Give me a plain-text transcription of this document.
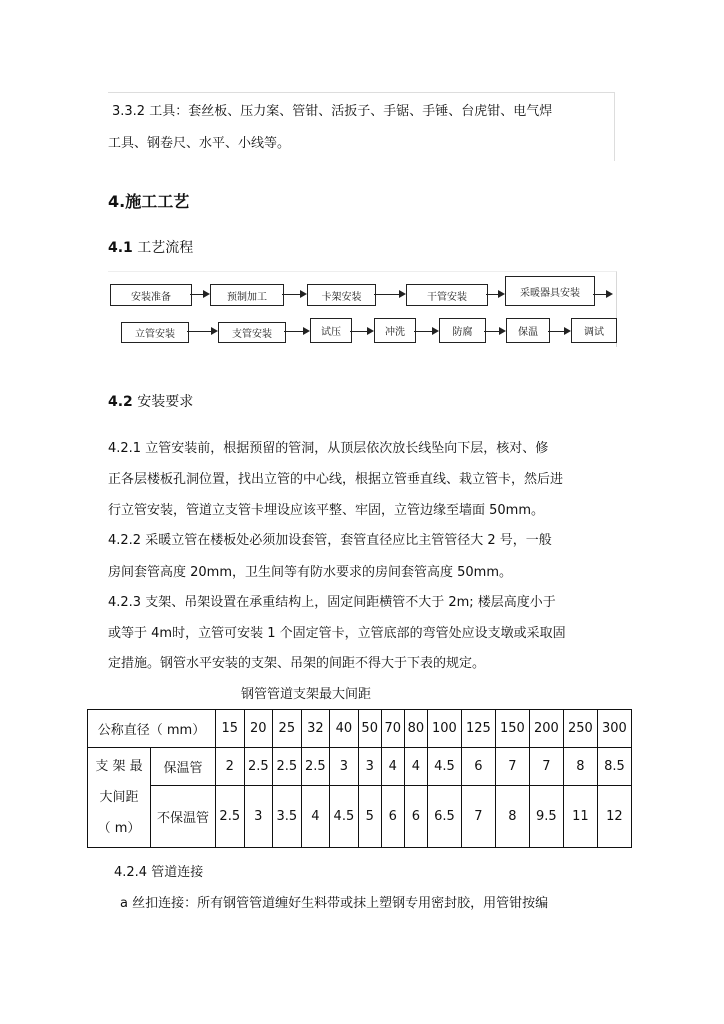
3.3.2 工具：套丝板、压力案、管钳、活扳子、手锯、手锤、台虎钳、电气焊
工具、钢卷尺、水平、小线等。
4.施工工艺
4.1 工艺流程
安装准备	预制加工	卡架安装	干管安装	采暖器具安装
立管安装	支管安装	试压	冲洗	防腐	保温	调试
4.2 安装要求
4.2.1 立管安装前，根据预留的管洞，从顶层依次放长线坠向下层，核对、修
正各层楼板孔洞位置，找出立管的中心线，根据立管垂直线、栽立管卡，然后进
行立管安装，管道立支管卡埋设应该平整、牢固，立管边缘至墙面 50mm。
4.2.2 采暖立管在楼板处必须加设套管，套管直径应比主管管径大 2 号，一般
房间套管高度 20mm，卫生间等有防水要求的房间套管高度 50mm。
4.2.3 支架、吊架设置在承重结构上，固定间距横管不大于 2m; 楼层高度小于
或等于 4m时，立管可安装 1 个固定管卡，立管底部的弯管处应设支墩或采取固
定措施。钢管水平安装的支架、吊架的间距不得大于下表的规定。
钢管管道支架最大间距
公称直径（ mm）		15	20	25	32	40	50	70	80	100	125	150	200	250	300

支 架 最
大间距
（ m）	保温管	2	2.5	2.5	2.5	3	3	4	4	4.5	6	7	7	8	8.5
	不保温管	2.5	3	3.5	4	4.5	5	6	6	6.5	7	8	9.5	11	12
4.2.4 管道连接
a 丝扣连接：所有钢管管道缠好生料带或抹上塑钢专用密封胶，用管钳按编
